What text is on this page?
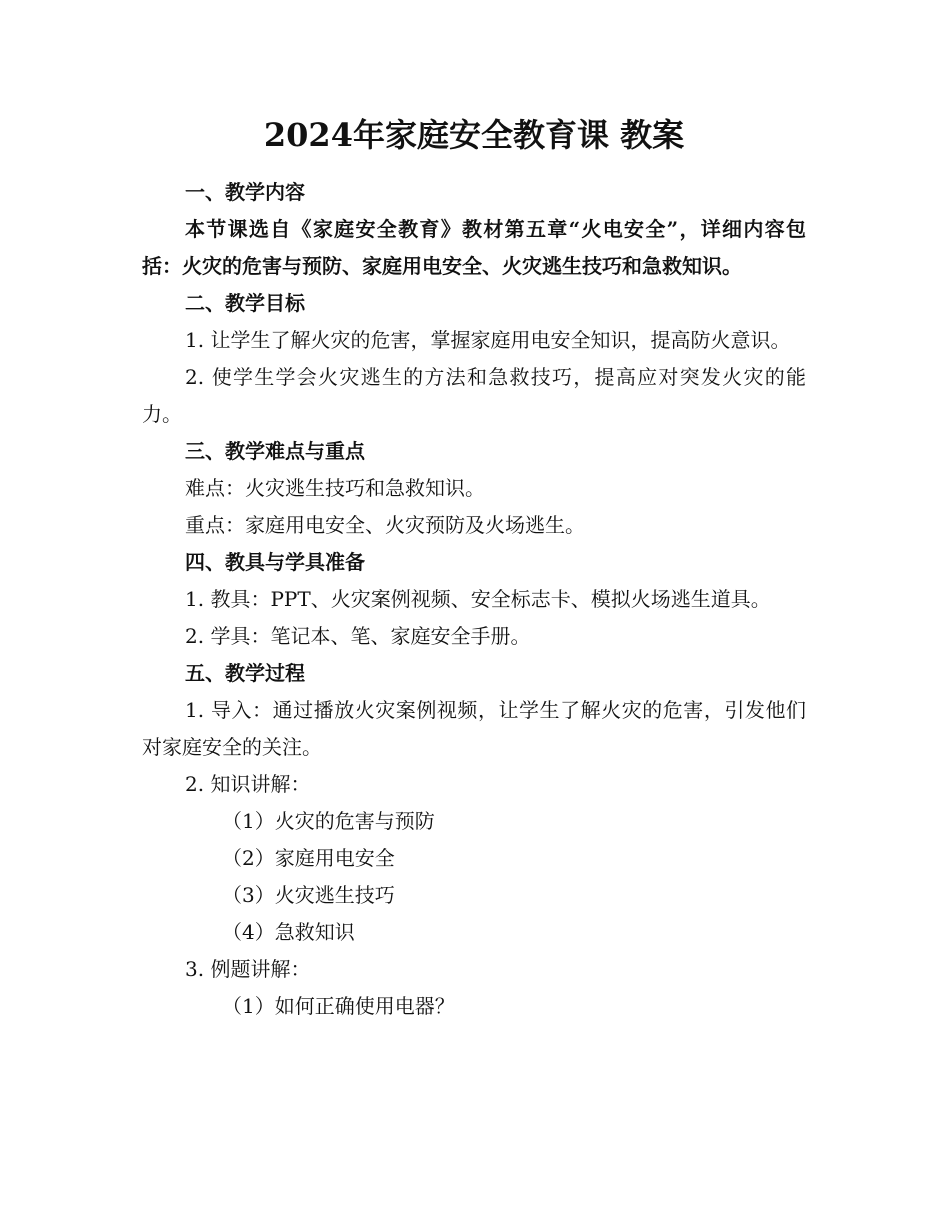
2024年家庭安全教育课 教案

一、教学内容

本节课选自《家庭安全教育》教材第五章“火电安全”，详细内容包括：火灾的危害与预防、家庭用电安全、火灾逃生技巧和急救知识。

二、教学目标

1. 让学生了解火灾的危害，掌握家庭用电安全知识，提高防火意识。

2. 使学生学会火灾逃生的方法和急救技巧，提高应对突发火灾的能力。

三、教学难点与重点

难点：火灾逃生技巧和急救知识。

重点：家庭用电安全、火灾预防及火场逃生。

四、教具与学具准备

1. 教具：PPT、火灾案例视频、安全标志卡、模拟火场逃生道具。

2. 学具：笔记本、笔、家庭安全手册。

五、教学过程

1. 导入：通过播放火灾案例视频，让学生了解火灾的危害，引发他们对家庭安全的关注。

2. 知识讲解：

（1）火灾的危害与预防

（2）家庭用电安全

（3）火灾逃生技巧

（4）急救知识

3. 例题讲解：

（1）如何正确使用电器？
